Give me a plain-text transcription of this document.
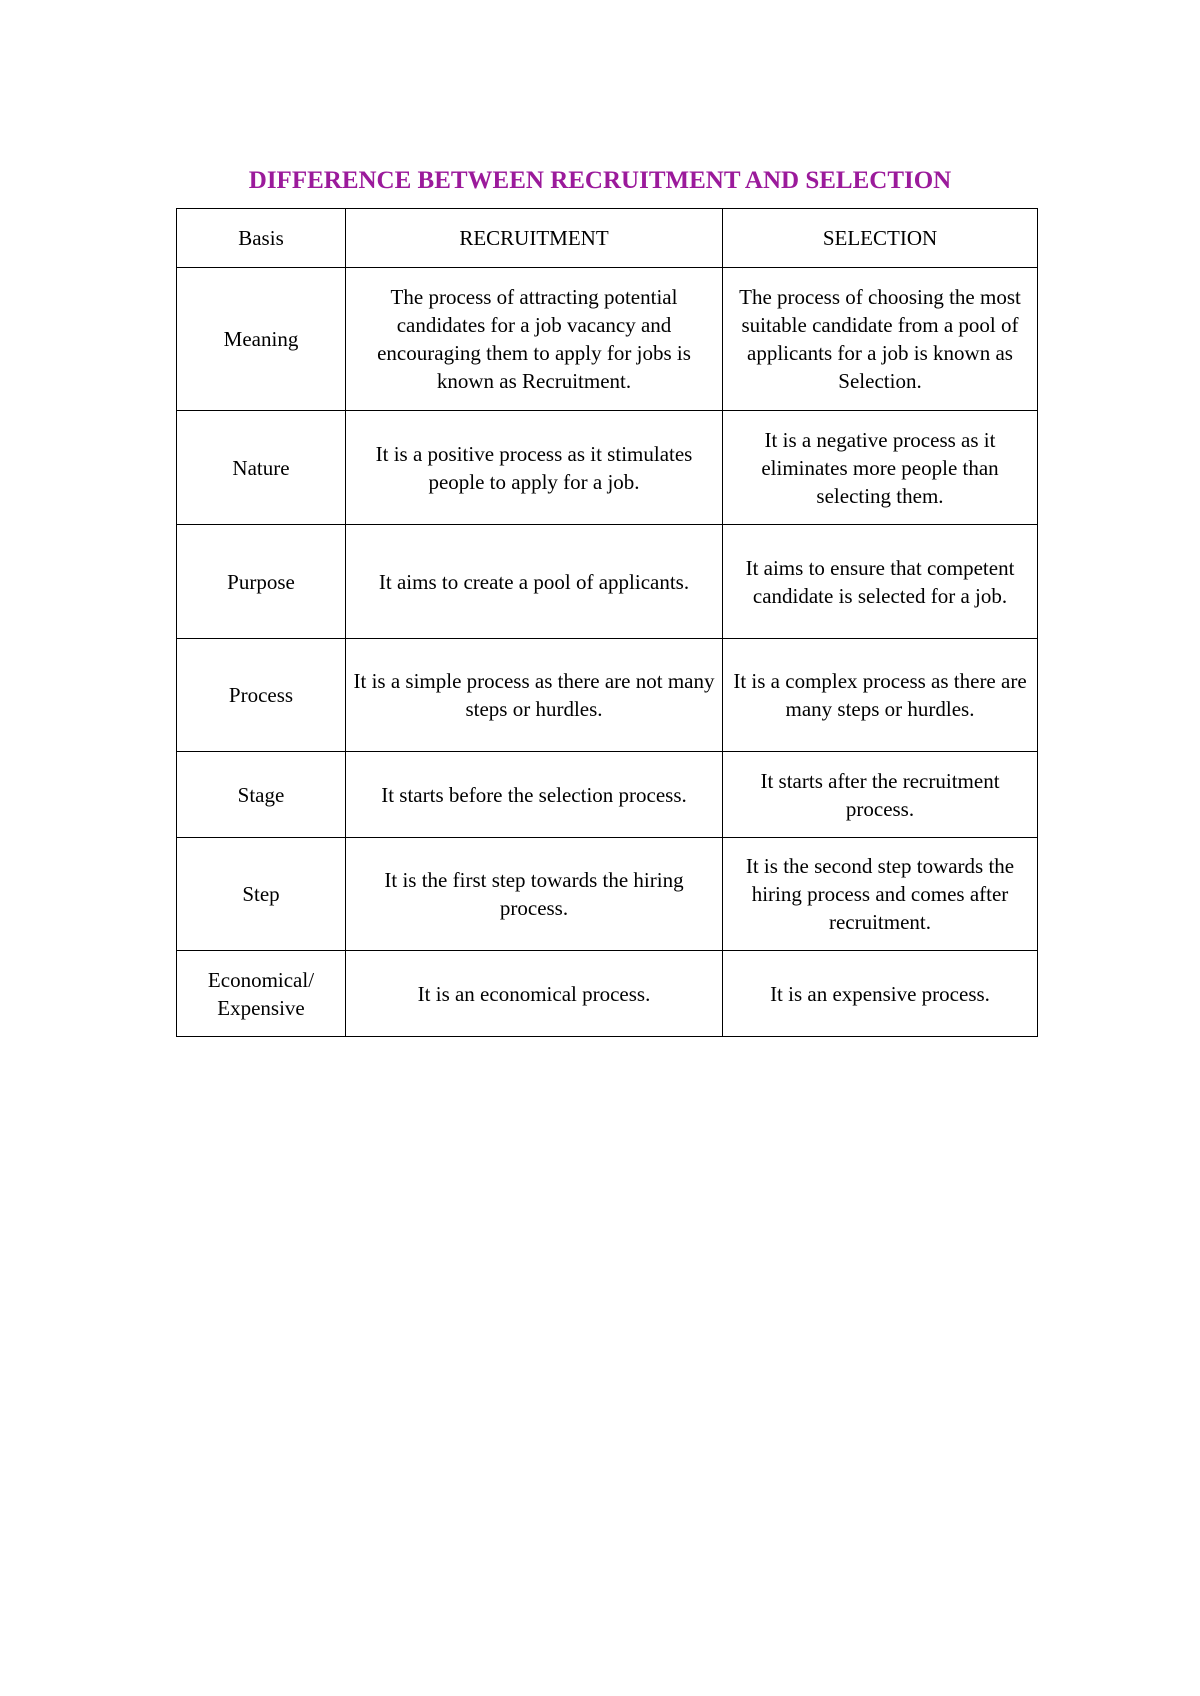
DIFFERENCE BETWEEN RECRUITMENT AND SELECTION
Basis	RECRUITMENT	SELECTION
Meaning	The process of attracting potential candidates for a job vacancy and encouraging them to apply for jobs is known as Recruitment.	The process of choosing the most suitable candidate from a pool of applicants for a job is known as Selection.
Nature	It is a positive process as it stimulates people to apply for a job.	It is a negative process as it eliminates more people than selecting them.
Purpose	It aims to create a pool of applicants.	It aims to ensure that competent candidate is selected for a job.
Process	It is a simple process as there are not many steps or hurdles.	It is a complex process as there are many steps or hurdles.
Stage	It starts before the selection process.	It starts after the recruitment process.
Step	It is the first step towards the hiring process.	It is the second step towards the hiring process and comes after recruitment.
Economical/ Expensive	It is an economical process.	It is an expensive process.
